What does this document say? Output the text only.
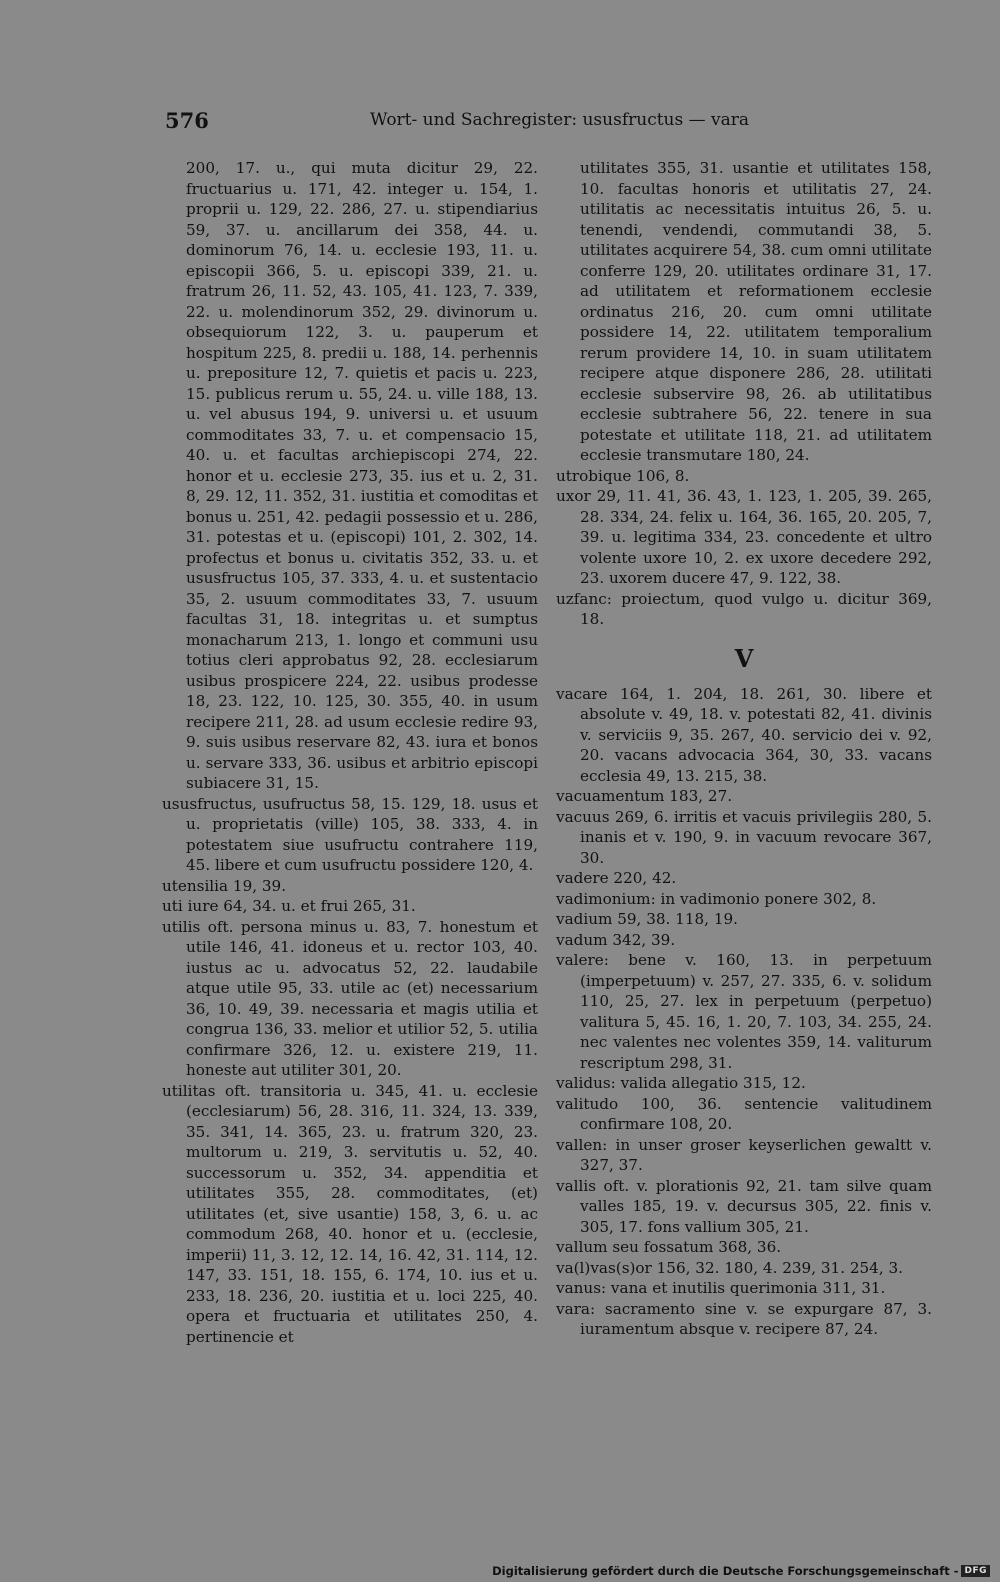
576	Wort- und Sachregister: ususfructus — vara

200, 17. u., qui muta dicitur 29, 22. fructuarius u. 171, 42. integer u. 154, 1. proprii u. 129, 22. 286, 27. u. stipendiarius 59, 37. u. ancillarum dei 358, 44. u. dominorum 76, 14. u. ecclesie 193, 11. u. episcopii 366, 5. u. episcopi 339, 21. u. fratrum 26, 11. 52, 43. 105, 41. 123, 7. 339, 22. u. molendinorum 352, 29. divinorum u. obsequiorum 122, 3. u. pauperum et hospitum 225, 8. predii u. 188, 14. perhennis u. prepositure 12, 7. quietis et pacis u. 223, 15. publicus rerum u. 55, 24. u. ville 188, 13. u. vel abusus 194, 9. universi u. et usuum commoditates 33, 7. u. et compensacio 15, 40. u. et facultas archiepiscopi 274, 22. honor et u. ecclesie 273, 35. ius et u. 2, 31. 8, 29. 12, 11. 352, 31. iustitia et comoditas et bonus u. 251, 42. pedagii possessio et u. 286, 31. potestas et u. (episcopi) 101, 2. 302, 14. profectus et bonus u. civitatis 352, 33. u. et ususfructus 105, 37. 333, 4. u. et sustentacio 35, 2. usuum commoditates 33, 7. usuum facultas 31, 18. integritas u. et sumptus monacharum 213, 1. longo et communi usu totius cleri approbatus 92, 28. ecclesiarum usibus prospicere 224, 22. usibus prodesse 18, 23. 122, 10. 125, 30. 355, 40. in usum recipere 211, 28. ad usum ecclesie redire 93, 9. suis usibus reservare 82, 43. iura et bonos u. servare 333, 36. usibus et arbitrio episcopi subiacere 31, 15.

ususfructus, usufructus 58, 15. 129, 18. usus et u. proprietatis (ville) 105, 38. 333, 4. in potestatem siue usufructu contrahere 119, 45. libere et cum usufructu possidere 120, 4.

utensilia 19, 39.

uti iure 64, 34. u. et frui 265, 31.

utilis oft. persona minus u. 83, 7. honestum et utile 146, 41. idoneus et u. rector 103, 40. iustus ac u. advocatus 52, 22. laudabile atque utile 95, 33. utile ac (et) necessarium 36, 10. 49, 39. necessaria et magis utilia et congrua 136, 33. melior et utilior 52, 5. utilia confirmare 326, 12. u. existere 219, 11. honeste aut utiliter 301, 20.

utilitas oft. transitoria u. 345, 41. u. ecclesie (ecclesiarum) 56, 28. 316, 11. 324, 13. 339, 35. 341, 14. 365, 23. u. fratrum 320, 23. multorum u. 219, 3. servitutis u. 52, 40. successorum u. 352, 34. appenditia et utilitates 355, 28. commoditates, (et) utilitates (et, sive usantie) 158, 3, 6. u. ac commodum 268, 40. honor et u. (ecclesie, imperii) 11, 3. 12, 12. 14, 16. 42, 31. 114, 12. 147, 33. 151, 18. 155, 6. 174, 10. ius et u. 233, 18. 236, 20. iustitia et u. loci 225, 40. opera et fructuaria et utilitates 250, 4. pertinencie et

utilitates 355, 31. usantie et utilitates 158, 10. facultas honoris et utilitatis 27, 24. utilitatis ac necessitatis intuitus 26, 5. u. tenendi, vendendi, commutandi 38, 5. utilitates acquirere 54, 38. cum omni utilitate conferre 129, 20. utilitates ordinare 31, 17. ad utilitatem et reformationem ecclesie ordinatus 216, 20. cum omni utilitate possidere 14, 22. utilitatem temporalium rerum providere 14, 10. in suam utilitatem recipere atque disponere 286, 28. utilitati ecclesie subservire 98, 26. ab utilitatibus ecclesie subtrahere 56, 22. tenere in sua potestate et utilitate 118, 21. ad utilitatem ecclesie transmutare 180, 24.

utrobique 106, 8.

uxor 29, 11. 41, 36. 43, 1. 123, 1. 205, 39. 265, 28. 334, 24. felix u. 164, 36. 165, 20. 205, 7, 39. u. legitima 334, 23. concedente et ultro volente uxore 10, 2. ex uxore decedere 292, 23. uxorem ducere 47, 9. 122, 38.

uzfanc: proiectum, quod vulgo u. dicitur 369, 18.

V

vacare 164, 1. 204, 18. 261, 30. libere et absolute v. 49, 18. v. potestati 82, 41. divinis v. serviciis 9, 35. 267, 40. servicio dei v. 92, 20. vacans advocacia 364, 30, 33. vacans ecclesia 49, 13. 215, 38.

vacuamentum 183, 27.

vacuus 269, 6. irritis et vacuis privilegiis 280, 5. inanis et v. 190, 9. in vacuum revocare 367, 30.

vadere 220, 42.

vadimonium: in vadimonio ponere 302, 8.

vadium 59, 38. 118, 19.

vadum 342, 39.

valere: bene v. 160, 13. in perpetuum (imperpetuum) v. 257, 27. 335, 6. v. solidum 110, 25, 27. lex in perpetuum (perpetuo) valitura 5, 45. 16, 1. 20, 7. 103, 34. 255, 24. nec valentes nec volentes 359, 14. valiturum rescriptum 298, 31.

validus: valida allegatio 315, 12.

valitudo 100, 36. sentencie valitudinem confirmare 108, 20.

vallen: in unser groser keyserlichen gewaltt v. 327, 37.

vallis oft. v. plorationis 92, 21. tam silve quam valles 185, 19. v. decursus 305, 22. finis v. 305, 17. fons vallium 305, 21.

vallum seu fossatum 368, 36.

va(l)vas(s)or 156, 32. 180, 4. 239, 31. 254, 3.

vanus: vana et inutilis querimonia 311, 31.

vara: sacramento sine v. se expurgare 87, 3. iuramentum absque v. recipere 87, 24.

Digitalisierung gefördert durch die Deutsche Forschungsgemeinschaft - DFG
